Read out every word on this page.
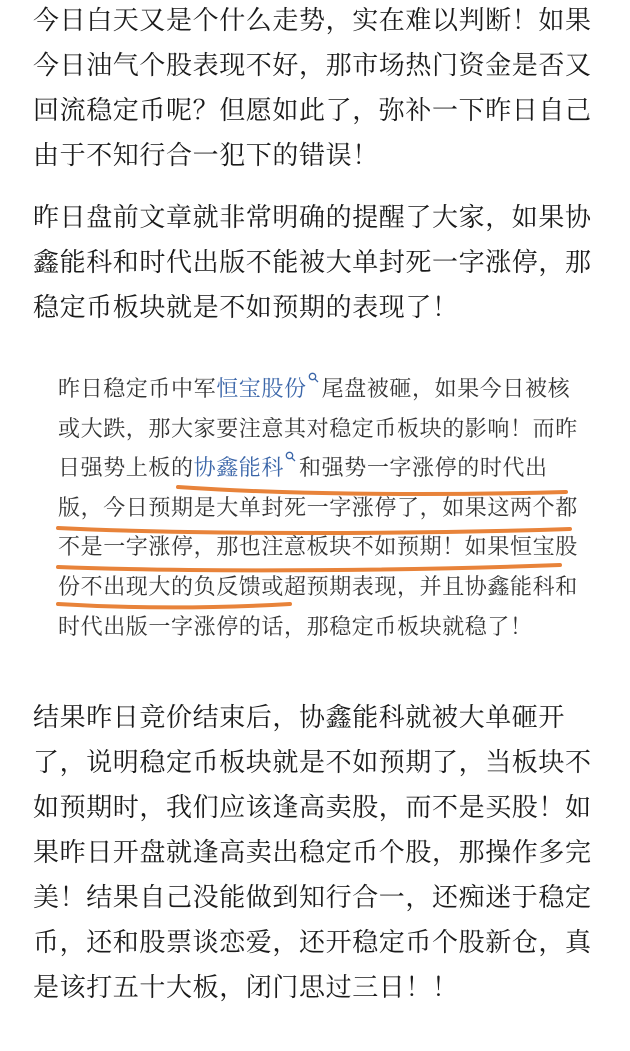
今日白天又是个什么走势，实在难以判断！如果今日油气个股表现不好，那市场热门资金是否又回流稳定币呢？但愿如此了，弥补一下昨日自己由于不知行合一犯下的错误！

昨日盘前文章就非常明确的提醒了大家，如果协鑫能科和时代出版不能被大单封死一字涨停，那稳定币板块就是不如预期的表现了！

昨日稳定币中军恒宝股份 尾盘被砸，如果今日被核或大跌，那大家要注意其对稳定币板块的影响！而昨日强势上板的协鑫能科 和强势一字涨停的时代出版，今日预期是大单封死一字涨停了，如果这两个都不是一字涨停，那也注意板块不如预期！如果恒宝股份不出现大的负反馈或超预期表现，并且协鑫能科和时代出版一字涨停的话，那稳定币板块就稳了！

结果昨日竞价结束后，协鑫能科就被大单砸开了，说明稳定币板块就是不如预期了，当板块不如预期时，我们应该逢高卖股，而不是买股！如果昨日开盘就逢高卖出稳定币个股，那操作多完美！结果自己没能做到知行合一，还痴迷于稳定币，还和股票谈恋爱，还开稳定币个股新仓，真是该打五十大板，闭门思过三日！！
